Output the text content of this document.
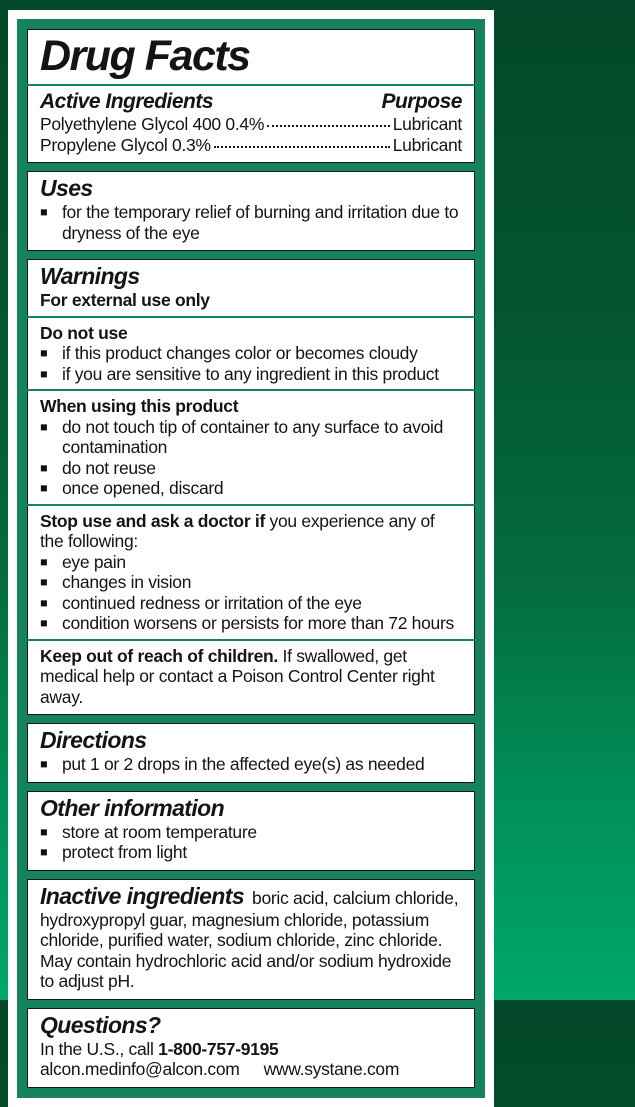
Drug Facts
Active Ingredients	Purpose
Polyethylene Glycol 400 0.4%	Lubricant
Propylene Glycol 0.3%	Lubricant
Uses
■ for the temporary relief of burning and irritation due to dryness of the eye
Warnings
For external use only
Do not use
■ if this product changes color or becomes cloudy
■ if you are sensitive to any ingredient in this product
When using this product
■ do not touch tip of container to any surface to avoid contamination
■ do not reuse
■ once opened, discard

Stop use and ask a doctor if you experience any of the following:

■ eye pain
■ changes in vision
■ continued redness or irritation of the eye
■ condition worsens or persists for more than 72 hours

Keep out of reach of children. If swallowed, get medical help or contact a Poison Control Center right away.

Directions
■ put 1 or 2 drops in the affected eye(s) as needed
Other information
■ store at room temperature
■ protect from light

Inactive ingredients boric acid, calcium chloride, hydroxypropyl guar, magnesium chloride, potassium chloride, purified water, sodium chloride, zinc chloride. May contain hydrochloric acid and/or sodium hydroxide to adjust pH.

Questions?

In the U.S., call 1-800-757-9195

alcon.medinfo@alcon.com www.systane.com
